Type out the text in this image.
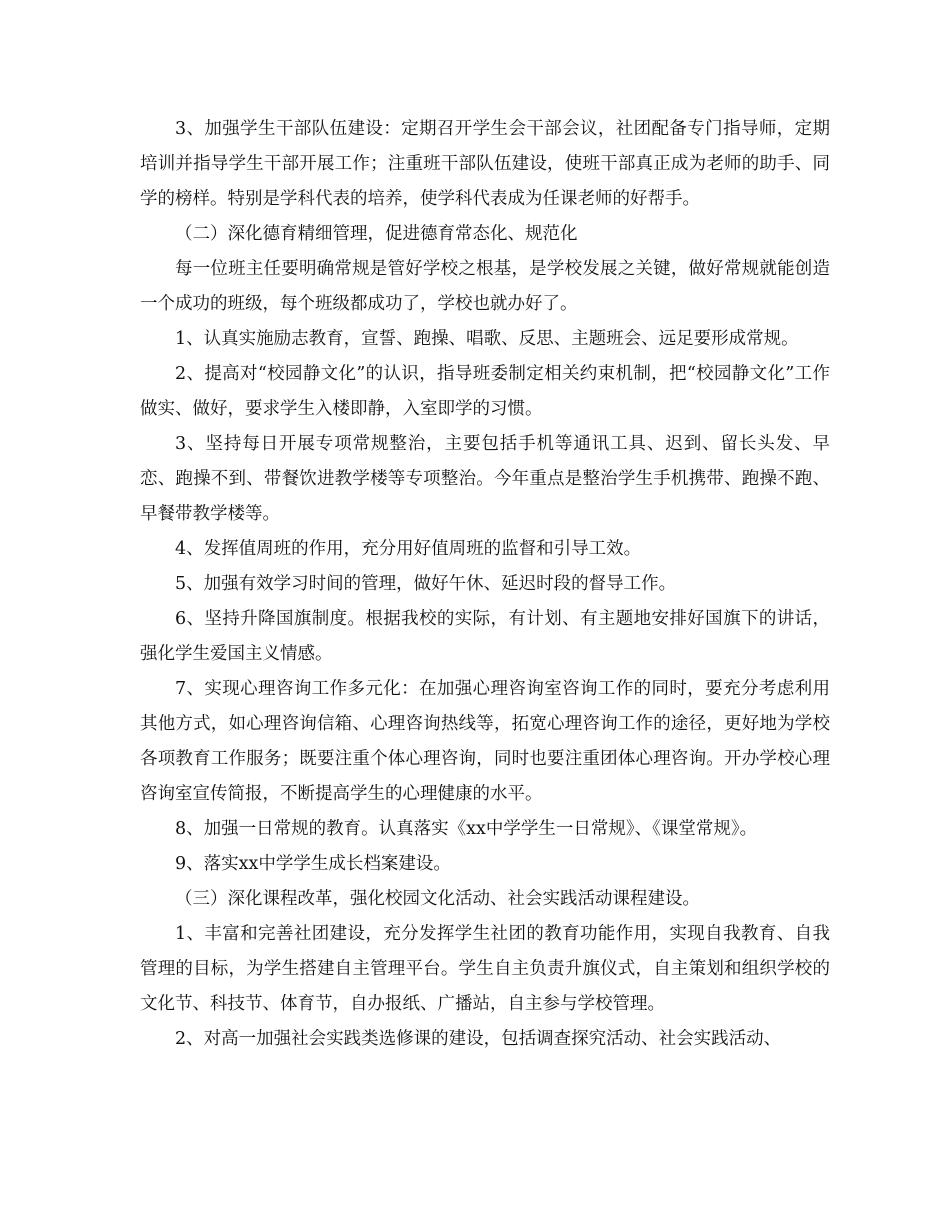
3、加强学生干部队伍建设：定期召开学生会干部会议，社团配备专门指导师，定期培训并指导学生干部开展工作；注重班干部队伍建设，使班干部真正成为老师的助手、同学的榜样。特别是学科代表的培养，使学科代表成为任课老师的好帮手。

（二）深化德育精细管理，促进德育常态化、规范化

每一位班主任要明确常规是管好学校之根基，是学校发展之关键，做好常规就能创造一个成功的班级，每个班级都成功了，学校也就办好了。

1、认真实施励志教育，宣誓、跑操、唱歌、反思、主题班会、远足要形成常规。

2、提高对“校园静文化”的认识，指导班委制定相关约束机制，把“校园静文化”工作做实、做好，要求学生入楼即静，入室即学的习惯。

3、坚持每日开展专项常规整治，主要包括手机等通讯工具、迟到、留长头发、早恋、跑操不到、带餐饮进教学楼等专项整治。今年重点是整治学生手机携带、跑操不跑、早餐带教学楼等。

4、发挥值周班的作用，充分用好值周班的监督和引导工效。

5、加强有效学习时间的管理，做好午休、延迟时段的督导工作。

6、坚持升降国旗制度。根据我校的实际，有计划、有主题地安排好国旗下的讲话，强化学生爱国主义情感。

7、实现心理咨询工作多元化：在加强心理咨询室咨询工作的同时，要充分考虑利用其他方式，如心理咨询信箱、心理咨询热线等，拓宽心理咨询工作的途径，更好地为学校各项教育工作服务；既要注重个体心理咨询，同时也要注重团体心理咨询。开办学校心理咨询室宣传简报，不断提高学生的心理健康的水平。

8、加强一日常规的教育。认真落实《xx中学学生一日常规》、《课堂常规》。

9、落实xx中学学生成长档案建设。

（三）深化课程改革，强化校园文化活动、社会实践活动课程建设。

1、丰富和完善社团建设，充分发挥学生社团的教育功能作用，实现自我教育、自我管理的目标，为学生搭建自主管理平台。学生自主负责升旗仪式，自主策划和组织学校的文化节、科技节、体育节，自办报纸、广播站，自主参与学校管理。

2、对高一加强社会实践类选修课的建设，包括调查探究活动、社会实践活动、
